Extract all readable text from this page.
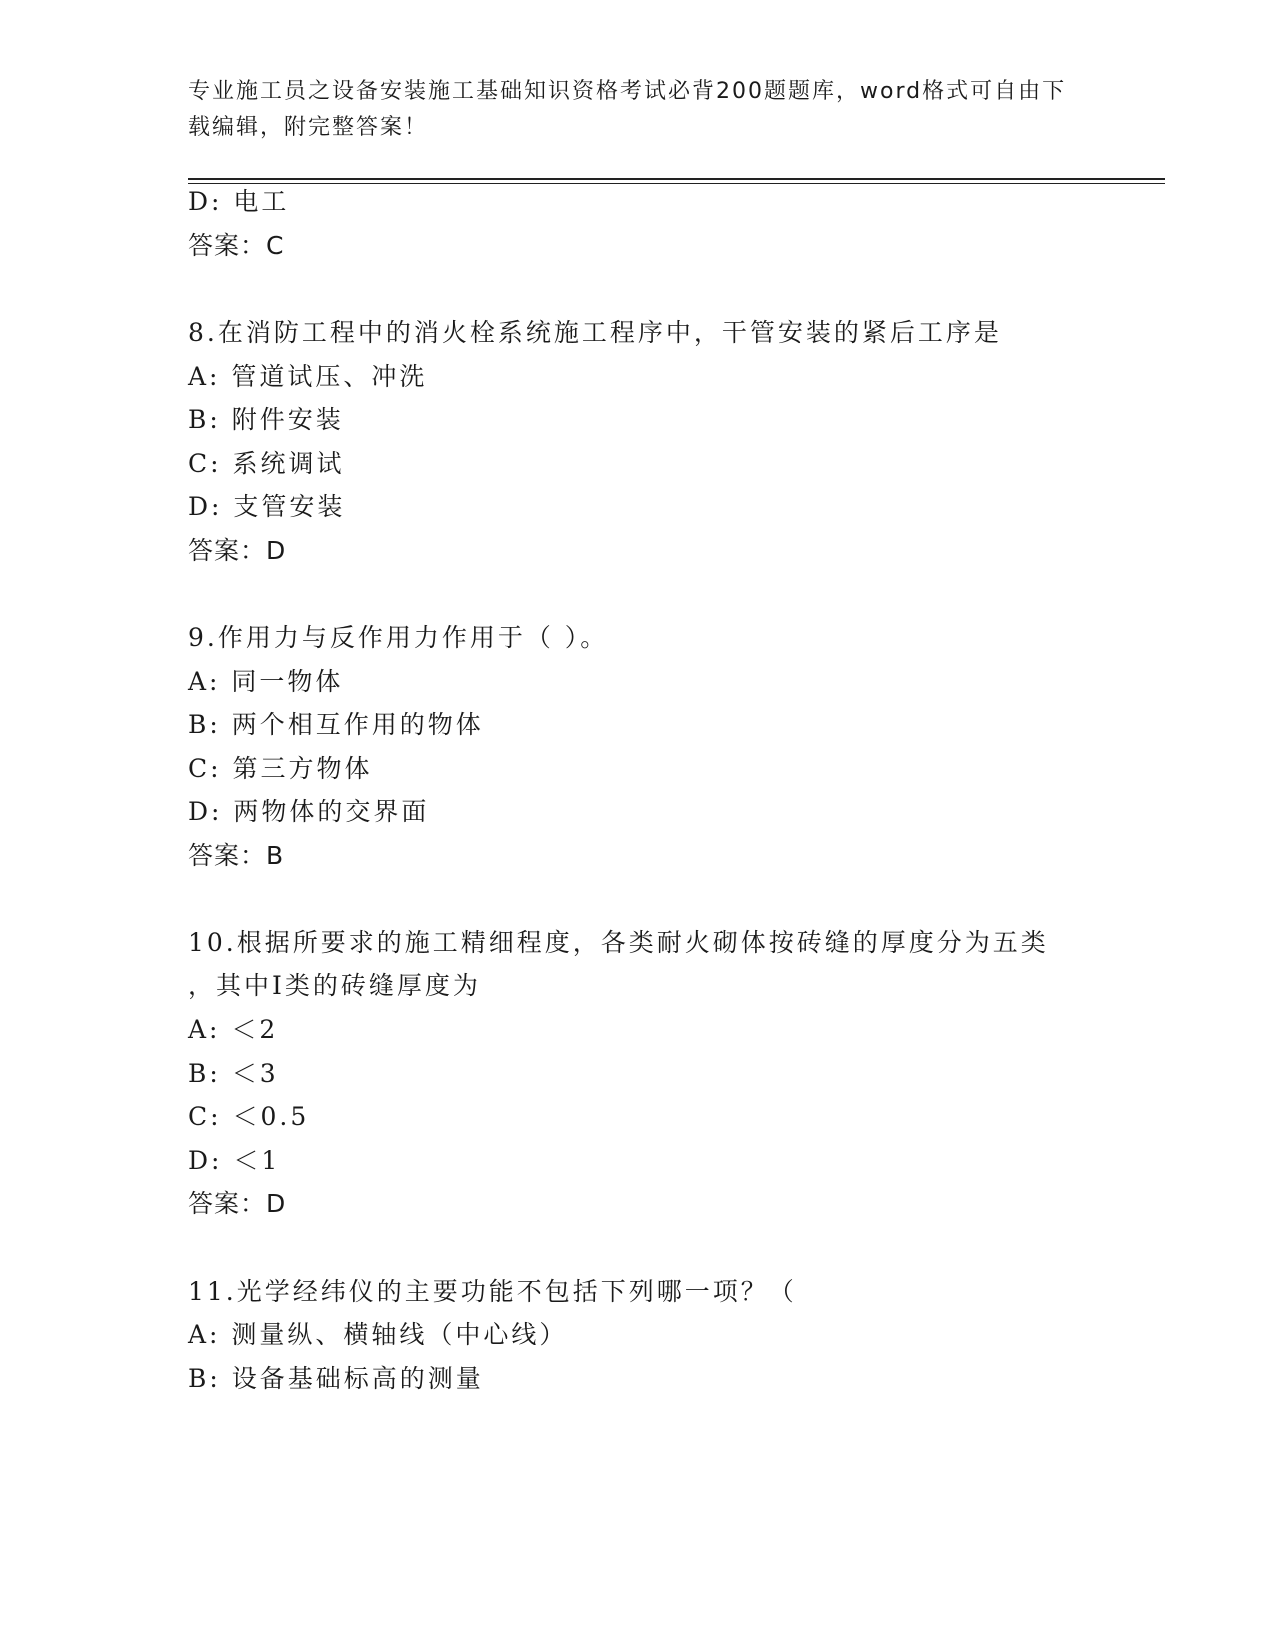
专业施工员之设备安装施工基础知识资格考试必背200题题库，word格式可自由下载编辑，附完整答案！
D: 电工
答案：C
8.在消防工程中的消火栓系统施工程序中，干管安装的紧后工序是
A: 管道试压、冲洗
B: 附件安装
C: 系统调试
D: 支管安装
答案：D
9.作用力与反作用力作用于（ ）。
A: 同一物体
B: 两个相互作用的物体
C: 第三方物体
D: 两物体的交界面
答案：B
10.根据所要求的施工精细程度，各类耐火砌体按砖缝的厚度分为五类
，其中Ⅰ类的砖缝厚度为
A: ＜2
B: ＜3
C: ＜0.5
D: ＜1
答案：D
11.光学经纬仪的主要功能不包括下列哪一项？（
A: 测量纵、横轴线（中心线）
B: 设备基础标高的测量
